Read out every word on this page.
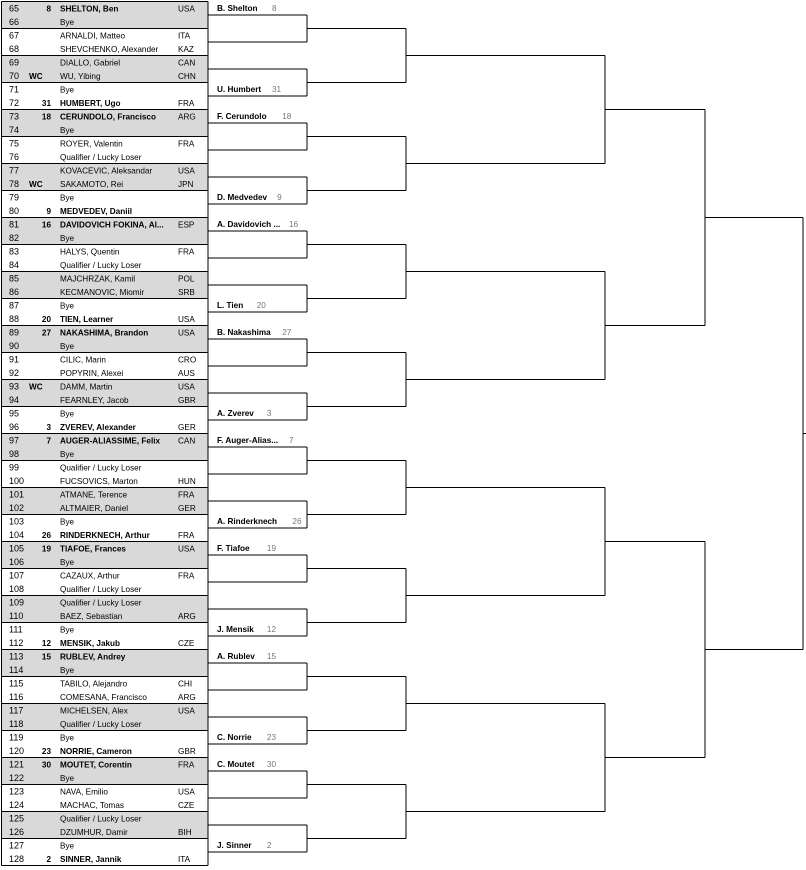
65	8 SHELTON, Ben	USA
66	Bye
67	ARNALDI, Matteo	ITA
68	SHEVCHENKO, Alexander KAZ
69	DIALLO, Gabriel	CAN
70 WC WU, Yibing	CHN
71	Bye
72	31 HUMBERT, Ugo	FRA
73	18 CERUNDOLO, Francisco	ARG
74	Bye
75	ROYER, Valentin	FRA
76	Qualifier / Lucky Loser
77	KOVACEVIC, Aleksandar	USA
78 WC SAKAMOTO, Rei	JPN
79	Bye
80	9 MEDVEDEV, Daniil
81	16 DAVIDOVICH FOKINA, Al... ESP
82	Bye
83	HALYS, Quentin	FRA
84	Qualifier / Lucky Loser
85	MAJCHRZAK, Kamil	POL
86	KECMANOVIC, Miomir	SRB
87	Bye
88	20 TIEN, Learner	USA
89	27 NAKASHIMA, Brandon	USA
90	Bye
91	CILIC, Marin	CRO
92	POPYRIN, Alexei	AUS
93 WC DAMM, Martin	USA
94	FEARNLEY, Jacob	GBR
95	Bye
96	3 ZVEREV, Alexander	GER
97	7 AUGER-ALIASSIME, Felix CAN
98	Bye
99	Qualifier / Lucky Loser
100	FUCSOVICS, Marton	HUN
101	ATMANE, Terence	FRA
102	ALTMAIER, Daniel	GER
103	Bye
104 26 RINDERKNECH, Arthur	FRA
105 19 TIAFOE, Frances	USA
106	Bye
107	CAZAUX, Arthur	FRA
108	Qualifier / Lucky Loser
109	Qualifier / Lucky Loser
110	BAEZ, Sebastian	ARG
111	Bye
112 12 MENSIK, Jakub	CZE
113 15 RUBLEV, Andrey
114	Bye
115	TABILO, Alejandro	CHI
116	COMESANA, Francisco	ARG
117	MICHELSEN, Alex	USA
118	Qualifier / Lucky Loser
119	Bye
120 23 NORRIE, Cameron	GBR
121 30 MOUTET, Corentin	FRA
122	Bye
123	NAVA, Emilio	USA
124	MACHAC, Tomas	CZE
125	Qualifier / Lucky Loser
126	DZUMHUR, Damir	BIH
127	Bye
128	2 SINNER, Jannik	ITA
B. Shelton 8
U. Humbert 31
F. Cerundolo 18
D. Medvedev 9
A. Davidovich ... 16
L. Tien 20
B. Nakashima 27
A. Zverev 3
F. Auger-Alias... 7
A. Rinderknech 26
F. Tiafoe 19
J. Mensik 12
A. Rublev 15
C. Norrie 23
C. Moutet 30
J. Sinner 2
